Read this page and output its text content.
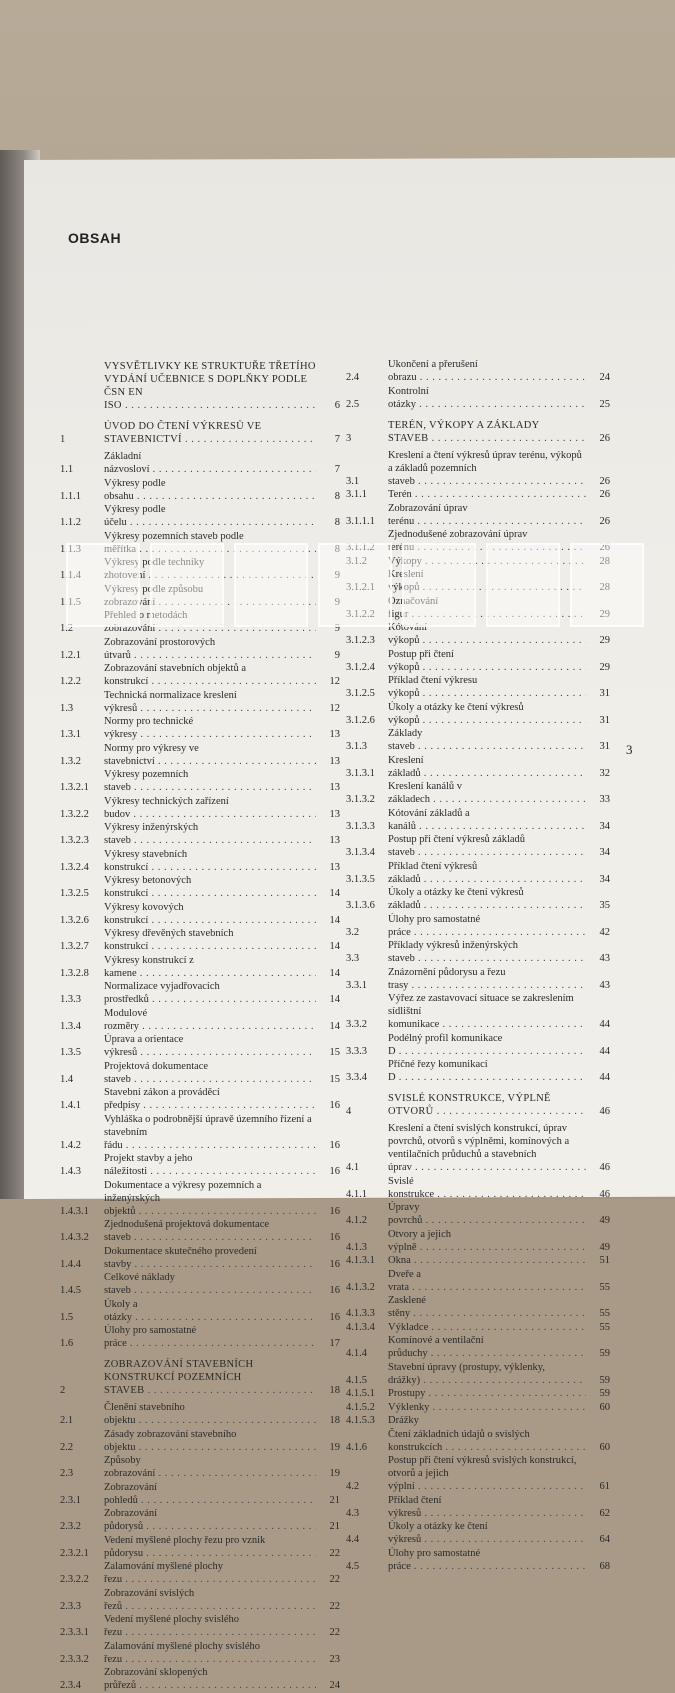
OBSAH
VYSVĚTLIVKY KE STRUKTUŘE TŘETÍHO VYDÁNÍ UČEBNICE S DOPLŇKY PODLE ČSN EN ISO . . .	6
1
ÚVOD DO ČTENÍ VÝKRESŮ VE STAVEBNICTVÍ . . .	7
1.1
Základní názvosloví . . .	7
1.1.1
Výkresy podle obsahu . . .	8
1.1.2
Výkresy podle účelu . . .	8
1.1.3
Výkresy pozemních staveb podle měřítka . . .	8
1.1.4
Výkresy podle techniky zhotovení . . .	9
1.1.5
Výkresy podle způsobu zobrazování . . .	9
1.2
Přehled o metodách zobrazování . . .	9
1.2.1
Zobrazování prostorových útvarů . . .	9
1.2.2
Zobrazování stavebních objektů a konstrukcí . . .	12
1.3
Technická normalizace kreslení výkresů . . .	12
1.3.1
Normy pro technické výkresy . . .	13
1.3.2
Normy pro výkresy ve stavebnictví . . .	13
1.3.2.1
Výkresy pozemních staveb . . .	13
1.3.2.2
Výkresy technických zařízení budov . . .	13
1.3.2.3
Výkresy inženýrských staveb . . .	13
1.3.2.4
Výkresy stavebních konstrukcí . . .	13
1.3.2.5
Výkresy betonových konstrukcí . . .	14
1.3.2.6
Výkresy kovových konstrukcí . . .	14
1.3.2.7
Výkresy dřevěných stavebních konstrukcí . . .	14
1.3.2.8
Výkresy konstrukcí z kamene . . .	14
1.3.3
Normalizace vyjadřovacích prostředků . . .	14
1.3.4
Modulové rozměry . . .	14
1.3.5
Úprava a orientace výkresů . . .	15
1.4
Projektová dokumentace staveb . . .	15
1.4.1
Stavební zákon a prováděcí předpisy . . .	16
1.4.2
Vyhláška o podrobnější úpravě územního řízení a stavebním řádu . . .	16
1.4.3
Projekt stavby a jeho náležitosti . . .	16
1.4.3.1
Dokumentace a výkresy pozemních a inženýrských objektů . . .	16
1.4.3.2
Zjednodušená projektová dokumentace staveb . . .	16
1.4.4
Dokumentace skutečného provedení stavby . . .	16
1.4.5
Celkové náklady staveb . . .	16
1.5
Úkoly a otázky . . .	16
1.6
Úlohy pro samostatné práce . . .	17
2
ZOBRAZOVÁNÍ STAVEBNÍCH KONSTRUKCÍ POZEMNÍCH STAVEB . . .	18
2.1
Členění stavebního objektu . . .	18
2.2
Zásady zobrazování stavebního objektu . . .	19
2.3
Způsoby zobrazování . . .	19
2.3.1
Zobrazování pohledů . . .	21
2.3.2
Zobrazování půdorysů . . .	21
2.3.2.1
Vedení myšlené plochy řezu pro vznik půdorysu . . .	22
2.3.2.2
Zalamování myšlené plochy řezu . . .	22
2.3.3
Zobrazování svislých řezů . . .	22
2.3.3.1
Vedení myšlené plochy svislého řezu . . .	22
2.3.3.2
Zalamování myšlené plochy svislého řezu . . .	23
2.3.4
Zobrazování sklopených průřezů . . .	24
2.4
Ukončení a přerušení obrazu . . .	24
2.5
Kontrolní otázky . . .	25
3
TERÉN, VÝKOPY A ZÁKLADY STAVEB . . .	26
3.1
Kreslení a čtení výkresů úprav terénu, výkopů a základů pozemních staveb . . .	26
3.1.1	Terén . . .	26
3.1.1.1
Zobrazování úprav terénu . . .	26
3.1.1.2
Zjednodušené zobrazování úprav terénu . . .	26
3.1.2	Výkopy . . .	28
3.1.2.1
Kreslení výkopů . . .	28
3.1.2.2
Označování figur . . .	29
3.1.2.3
Kótování výkopů . . .	29
3.1.2.4
Postup při čtení výkopů . . .	29
3.1.2.5
Příklad čtení výkresu výkopů . . .	31
3.1.2.6
Úkoly a otázky ke čtení výkresů výkopů . . .	31
3.1.3
Základy staveb . . .	31
3.1.3.1
Kreslení základů . . .	32
3.1.3.2
Kreslení kanálů v základech . . .	33
3.1.3.3
Kótování základů a kanálů . . .	34
3.1.3.4
Postup při čtení výkresů základů staveb . . .	34
3.1.3.5
Příklad čtení výkresů základů . . .	34
3.1.3.6
Úkoly a otázky ke čtení výkresů základů . . .	35
3.2
Úlohy pro samostatné práce . . .	42
3.3
Příklady výkresů inženýrských staveb . . .	43
3.3.1
Znázornění půdorysu a řezu trasy . . .	43
3.3.2
Výřez ze zastavovací situace se zakreslením sídlištní komunikace . . .	44
3.3.3
Podélný profil komunikace D . . .	44
3.3.4
Příčné řezy komunikací D . . .	44
4
SVISLÉ KONSTRUKCE, VÝPLNĚ OTVORŮ . . .	46
4.1
Kreslení a čtení svislých konstrukcí, úprav povrchů, otvorů s výplněmi, komínových a ventilačních průduchů a stavebních úprav . . .	46
4.1.1
Svislé konstrukce . . .	46
4.1.2
Úpravy povrchů . . .	49
4.1.3
Otvory a jejich výplně . . .	49
4.1.3.1	Okna . . .	51
4.1.3.2
Dveře a vrata . . .	55
4.1.3.3
Zasklené stěny . . .	55
4.1.3.4	Výkladce . . .	55
4.1.4
Komínové a ventilační průduchy . . .	59
4.1.5
Stavební úpravy (prostupy, výklenky, drážky) . . .	59
4.1.5.1	Prostupy . . .	59
4.1.5.2	Výklenky . . .	60
4.1.5.3	Drážky
4.1.6
Čtení základních údajů o svislých konstrukcích . . .	60
4.2
Postup při čtení výkresů svislých konstrukcí, otvorů a jejich výplní . . .	61
4.3
Příklad čtení výkresů . . .	62
4.4
Úkoly a otázky ke čtení výkresů . . .	64
4.5
Úlohy pro samostatné práce . . .	68
3
